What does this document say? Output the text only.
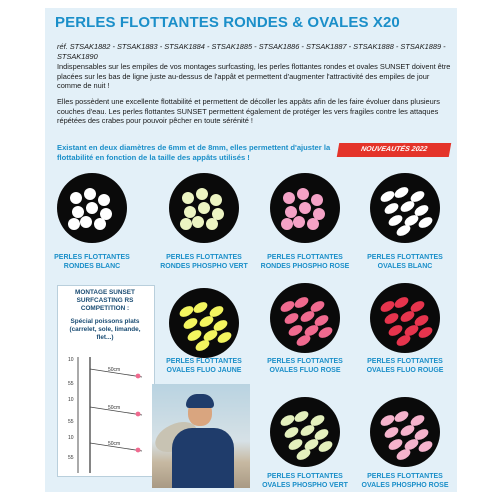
PERLES FLOTTANTES RONDES & OVALES X20
réf. STSAK1882 - STSAK1883 - STSAK1884 - STSAK1885 - STSAK1886 - STSAK1887 - STSAK1888 - STSAK1889 - STSAK1890
Indispensables sur les empiles de vos montages surfcasting, les perles flottantes rondes et ovales SUNSET doivent être placées sur les bas de ligne juste au-dessus de l'appât et permettent d'augmenter l'attractivité des empiles de jour comme de nuit !
Elles possèdent une excellente flottabilité et permettent de décoller les appâts afin de les faire évoluer dans plusieurs couches d'eau. Les perles flottantes SUNSET permettent également de protéger les vers fragiles contre les attaques répétées des crabes pour pouvoir pêcher en toute sérénité !
Existant en deux diamètres de 6mm et de 8mm, elles permettent d'ajuster la flottabilité en fonction de la taille des appâts utilisés !
NOUVEAUTÉS 2022
MONTAGE SUNSET SURFCASTING RS COMPETITION :
Spécial poissons plats (carrelet, sole, limande, flet...)
10
55
10
55
10
55
50cm
50cm
50cm
PERLES FLOTTANTES RONDES BLANC
PERLES FLOTTANTES RONDES PHOSPHO VERT
PERLES FLOTTANTES RONDES PHOSPHO ROSE
PERLES FLOTTANTES OVALES BLANC
PERLES FLOTTANTES OVALES FLUO JAUNE
PERLES FLOTTANTES OVALES FLUO ROSE
PERLES FLOTTANTES OVALES FLUO ROUGE
PERLES FLOTTANTES OVALES PHOSPHO VERT
PERLES FLOTTANTES OVALES PHOSPHO ROSE
